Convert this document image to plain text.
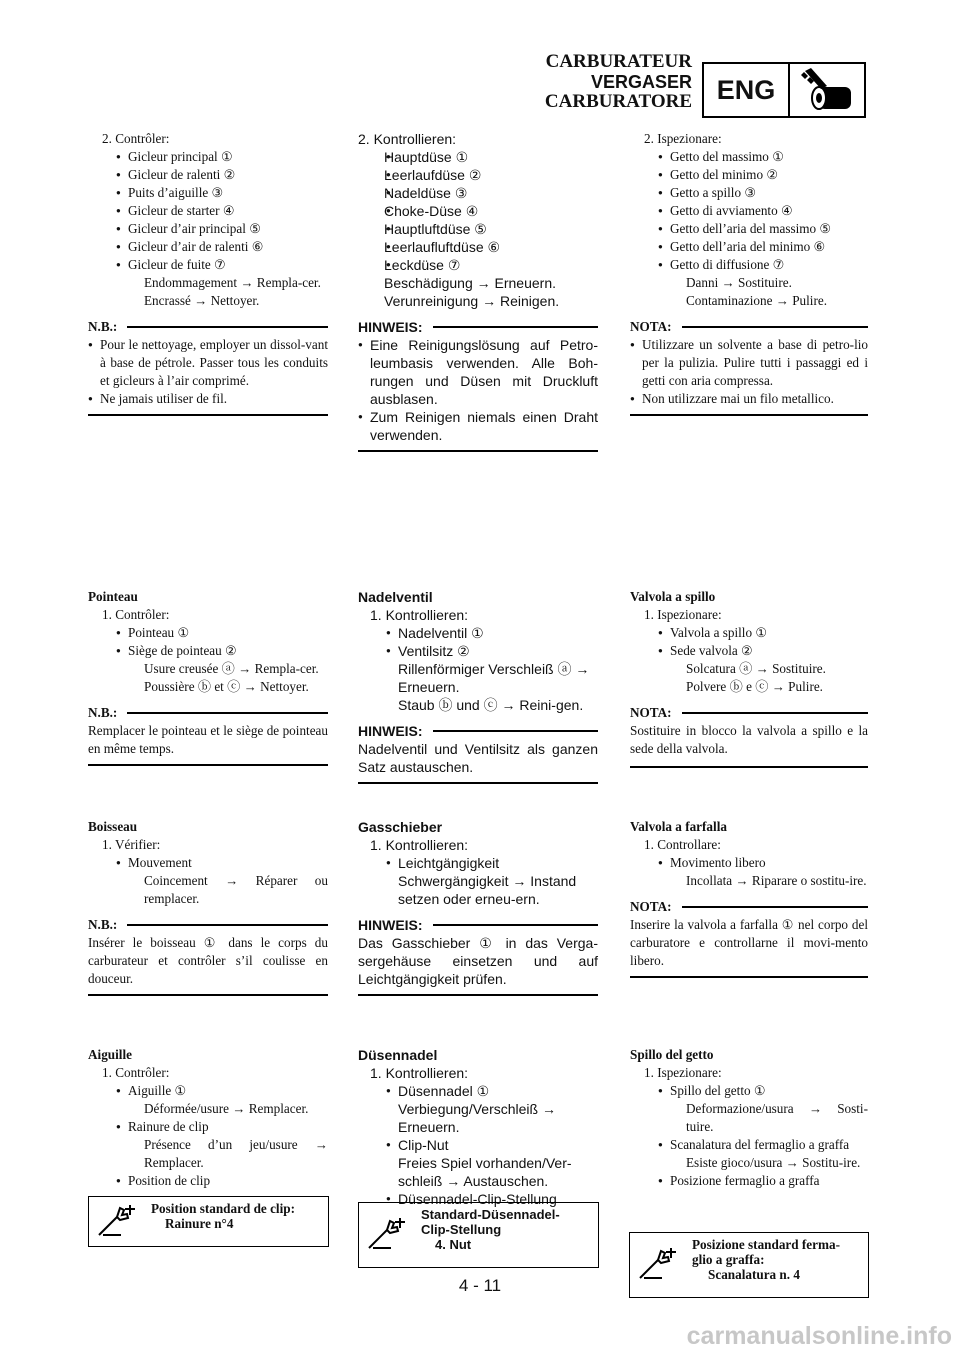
CARBURATEUR
VERGASER
CARBURATORE ENG
2. Contrôler:
● Gicleur principal ①
● Gicleur de ralenti ②
● Puits d’aiguille ③
● Gicleur de starter ④
● Gicleur d’air principal ⑤
● Gicleur d’air de ralenti ⑥
● Gicleur de fuite ⑦
Endommagement → Rempla-cer.
Encrassé → Nettoyer.
N.B.:
● Pour le nettoyage, employer un dissol-vant à base de pétrole. Passer tous les conduits et gicleurs à l’air comprimé.
● Ne jamais utiliser de fil.
Pointeau
1. Contrôler:
● Pointeau ①
● Siège de pointeau ②
Usure creusée ⓐ → Rempla-cer.
Poussière ⓑ et ⓒ → Nettoyer.
N.B.:
Remplacer le pointeau et le siège de pointeau en même temps.
Boisseau
1. Vérifier:
● Mouvement
Coincement → Réparer ou remplacer.
N.B.:
Insérer le boisseau ① dans le corps du carburateur et contrôler s’il coulisse en douceur.
Aiguille
1. Contrôler:
● Aiguille ①
Déformée/usure → Remplacer.
● Rainure de clip
Présence d’un jeu/usure → Remplacer.
● Position de clip
Position standard de clip:
Rainure n°4
2. Kontrollieren:
● Hauptdüse ①
● Leerlaufdüse ②
● Nadeldüse ③
● Choke-Düse ④
● Hauptluftdüse ⑤
● Leerlaufluftdüse ⑥
● Leckdüse ⑦
Beschädigung → Erneuern.
Verunreinigung → Reinigen.
HINWEIS:
● Eine Reinigungslösung auf Petro-leumbasis verwenden. Alle Boh-rungen und Düsen mit Druckluft ausblasen.
● Zum Reinigen niemals einen Draht verwenden.
Nadelventil
1. Kontrollieren:
● Nadelventil ①
● Ventilsitz ②
Rillenförmiger Verschleiß ⓐ → Erneuern.
Staub ⓑ und ⓒ → Reini-gen.
HINWEIS:
Nadelventil und Ventilsitz als ganzen Satz austauschen.
Gasschieber
1. Kontrollieren:
● Leichtgängigkeit
Schwergängigkeit → Instand setzen oder erneu-ern.
HINWEIS:
Das Gasschieber ① in das Verga-sergehäuse einsetzen und auf Leichtgängigkeit prüfen.
Düsennadel
1. Kontrollieren:
● Düsennadel ①
Verbiegung/Verschleiß → Erneuern.
● Clip-Nut
Freies Spiel vorhanden/Ver-schleiß → Austauschen.
● Düsennadel-Clip-Stellung
Standard-Düsennadel-
Clip-Stellung
4. Nut
2. Ispezionare:
● Getto del massimo ①
● Getto del minimo ②
● Getto a spillo ③
● Getto di avviamento ④
● Getto dell’aria del massimo ⑤
● Getto dell’aria del minimo ⑥
● Getto di diffusione ⑦
Danni → Sostituire.
Contaminazione → Pulire.
NOTA:
● Utilizzare un solvente a base di petro-lio per la pulizia. Pulire tutti i passaggi ed i getti con aria compressa.
● Non utilizzare mai un filo metallico.
Valvola a spillo
1. Ispezionare:
● Valvola a spillo ①
● Sede valvola ②
Solcatura ⓐ → Sostituire.
Polvere ⓑ e ⓒ → Pulire.
NOTA:
Sostituire in blocco la valvola a spillo e la sede della valvola.
Valvola a farfalla
1. Controllare:
● Movimento libero
Incollata → Riparare o sostitu-ire.
NOTA:
Inserire la valvola a farfalla ① nel corpo del carburatore e controllarne il movi-mento libero.
Spillo del getto
1. Ispezionare:
● Spillo del getto ①
Deformazione/usura → Sosti-tuire.
● Scanalatura del fermaglio a graffa
Esiste gioco/usura → Sostitu-ire.
● Posizione fermaglio a graffa
Posizione standard ferma-
glio a graffa:
Scanalatura n. 4
4 - 11
carmanualsonline.info
